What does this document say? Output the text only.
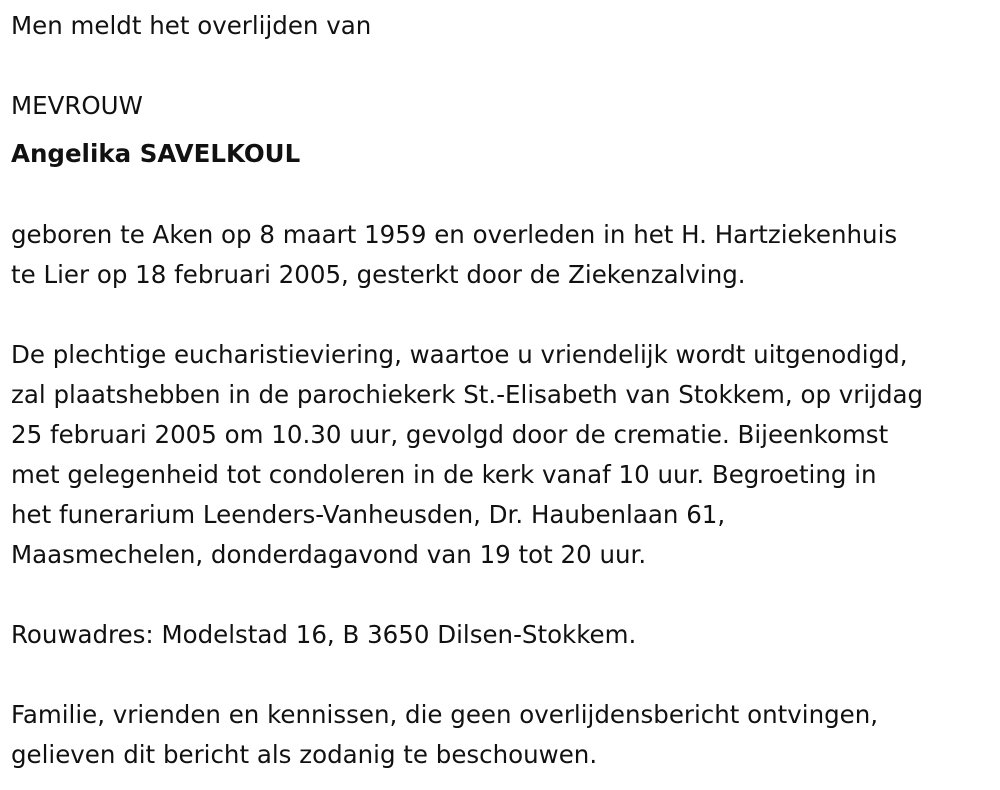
Men meldt het overlijden van
MEVROUW
Angelika SAVELKOUL
geboren te Aken op 8 maart 1959 en overleden in het H. Hartziekenhuis
te Lier op 18 februari 2005, gesterkt door de Ziekenzalving.
De plechtige eucharistieviering, waartoe u vriendelijk wordt uitgenodigd,
zal plaatshebben in de parochiekerk St.-Elisabeth van Stokkem, op vrijdag
25 februari 2005 om 10.30 uur, gevolgd door de crematie. Bijeenkomst
met gelegenheid tot condoleren in de kerk vanaf 10 uur. Begroeting in
het funerarium Leenders-Vanheusden, Dr. Haubenlaan 61,
Maasmechelen, donderdagavond van 19 tot 20 uur.
Rouwadres: Modelstad 16, B 3650 Dilsen-Stokkem.
Familie, vrienden en kennissen, die geen overlijdensbericht ontvingen,
gelieven dit bericht als zodanig te beschouwen.
